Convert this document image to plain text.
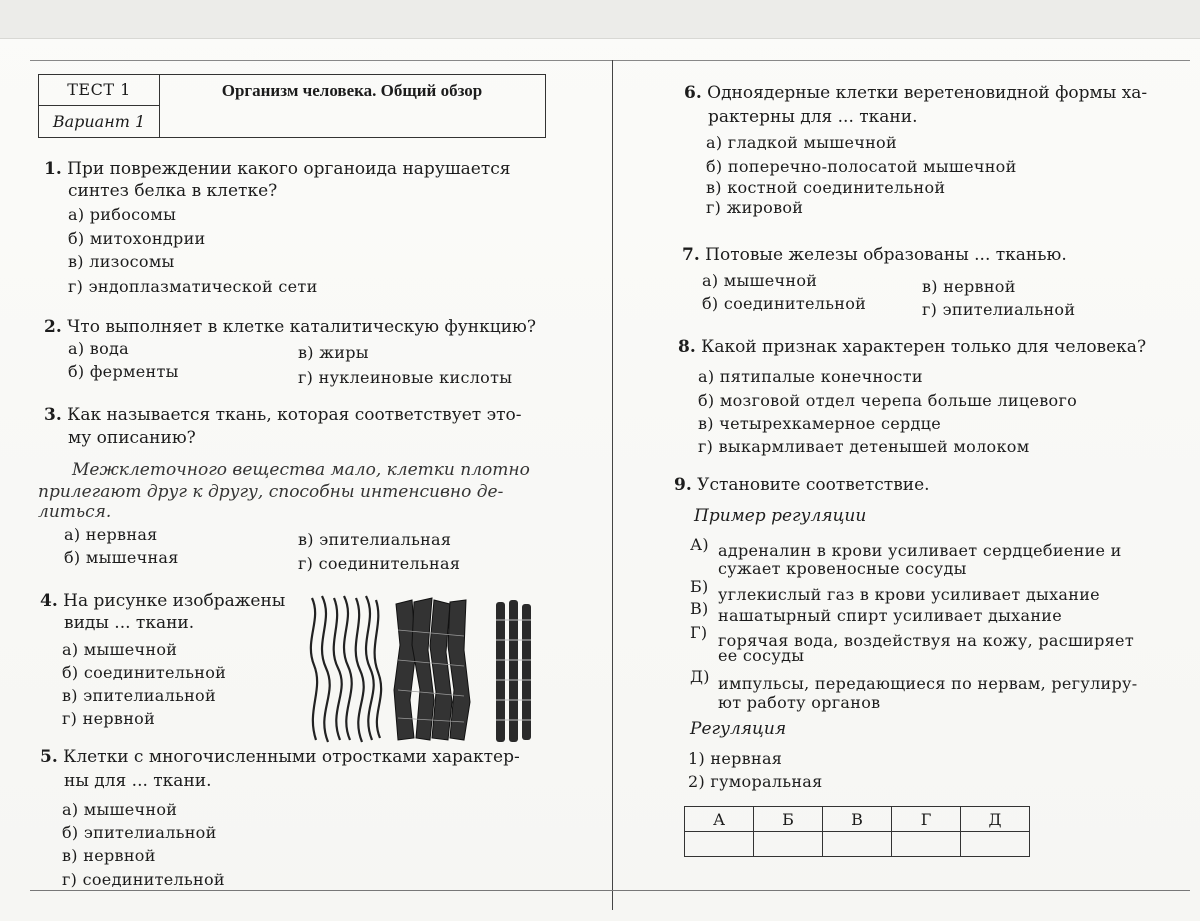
ТЕСТ 1
Вариант 1
Организм человека. Общий обзор
1. При повреждении какого органоида нарушается
синтез белка в клетке?
а) рибосомы
б) митохондрии
в) лизосомы
г) эндоплазматической сети
2. Что выполняет в клетке каталитическую функцию?
а) вода
б) ферменты
в) жиры
г) нуклеиновые кислоты
3. Как называется ткань, которая соответствует это-
му описанию?
Межклеточного вещества мало, клетки плотно
прилегают друг к другу, способны интенсивно де-
литься.
а) нервная
б) мышечная
в) эпителиальная
г) соединительная
4. На рисунке изображены
виды ... ткани.
а) мышечной
б) соединительной
в) эпителиальной
г) нервной
5. Клетки с многочисленными отростками характер-
ны для ... ткани.
а) мышечной
б) эпителиальной
в) нервной
г) соединительной
6. Одноядерные клетки веретеновидной формы ха-
рактерны для ... ткани.
а) гладкой мышечной
б) поперечно-полосатой мышечной
в) костной соединительной
г) жировой
7. Потовые железы образованы ... тканью.
а) мышечной
б) соединительной
в) нервной
г) эпителиальной
8. Какой признак характерен только для человека?
а) пятипалые конечности
б) мозговой отдел черепа больше лицевого
в) четырехкамерное сердце
г) выкармливает детенышей молоком
9. Установите соответствие.
Пример регуляции
А) адреналин в крови усиливает сердцебиение и
сужает кровеносные сосуды
Б) углекислый газ в крови усиливает дыхание
В) нашатырный спирт усиливает дыхание
Г) горячая вода, воздействуя на кожу, расширяет
ее сосуды
Д) импульсы, передающиеся по нервам, регулиру-
ют работу органов
Регуляция
1) нервная
2) гуморальная
А	Б	В	Г	Д
